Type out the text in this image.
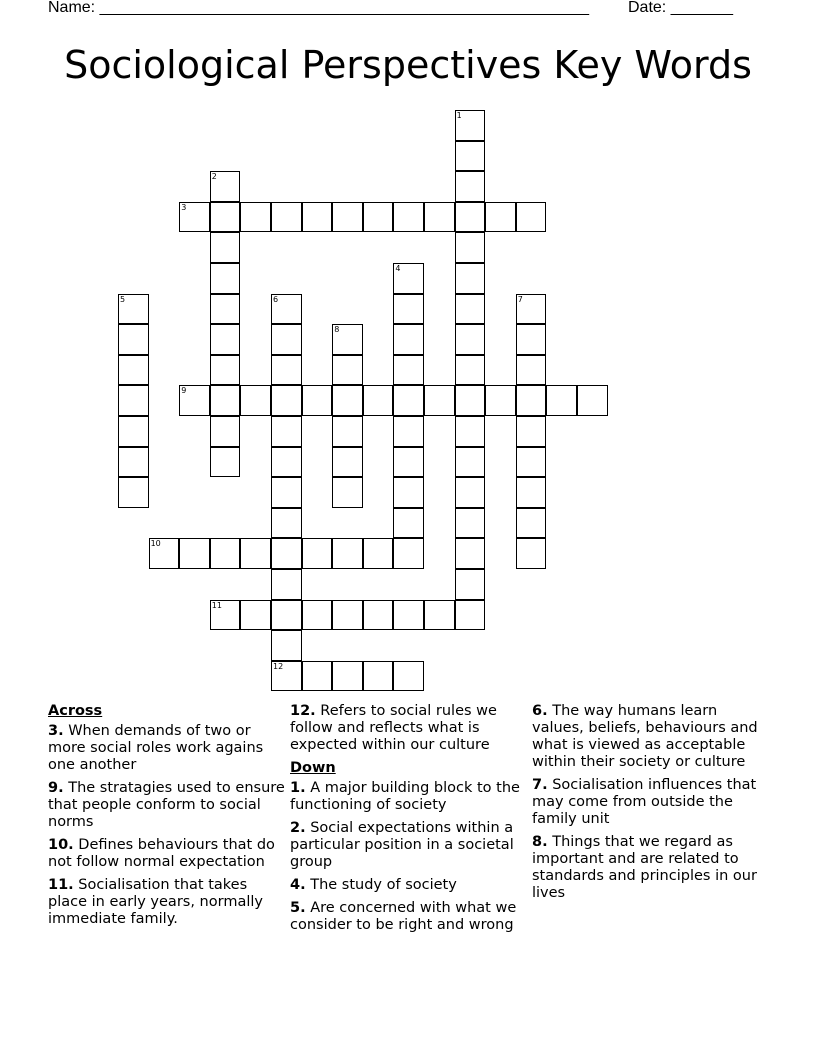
Name: _______________________________________________________ Date: _______
Sociological Perspectives Key Words
1
2
3
4
5	6
12
7
8
9
10
11
Across
3. When demands of two or more social roles work agains one another
9. The stratagies used to ensure that people conform to social norms
10. Defines behaviours that do not follow normal expectation
11. Socialisation that takes place in early years, normally immediate family.
12. Refers to social rules we follow and reflects what is expected within our culture
Down
1. A major building block to the functioning of society
2. Social expectations within a particular position in a societal group
4. The study of society
5. Are concerned with what we consider to be right and wrong
6. The way humans learn values, beliefs, behaviours and what is viewed as acceptable within their society or culture
7. Socialisation influences that may come from outside the family unit
8. Things that we regard as important and are related to standards and principles in our lives
